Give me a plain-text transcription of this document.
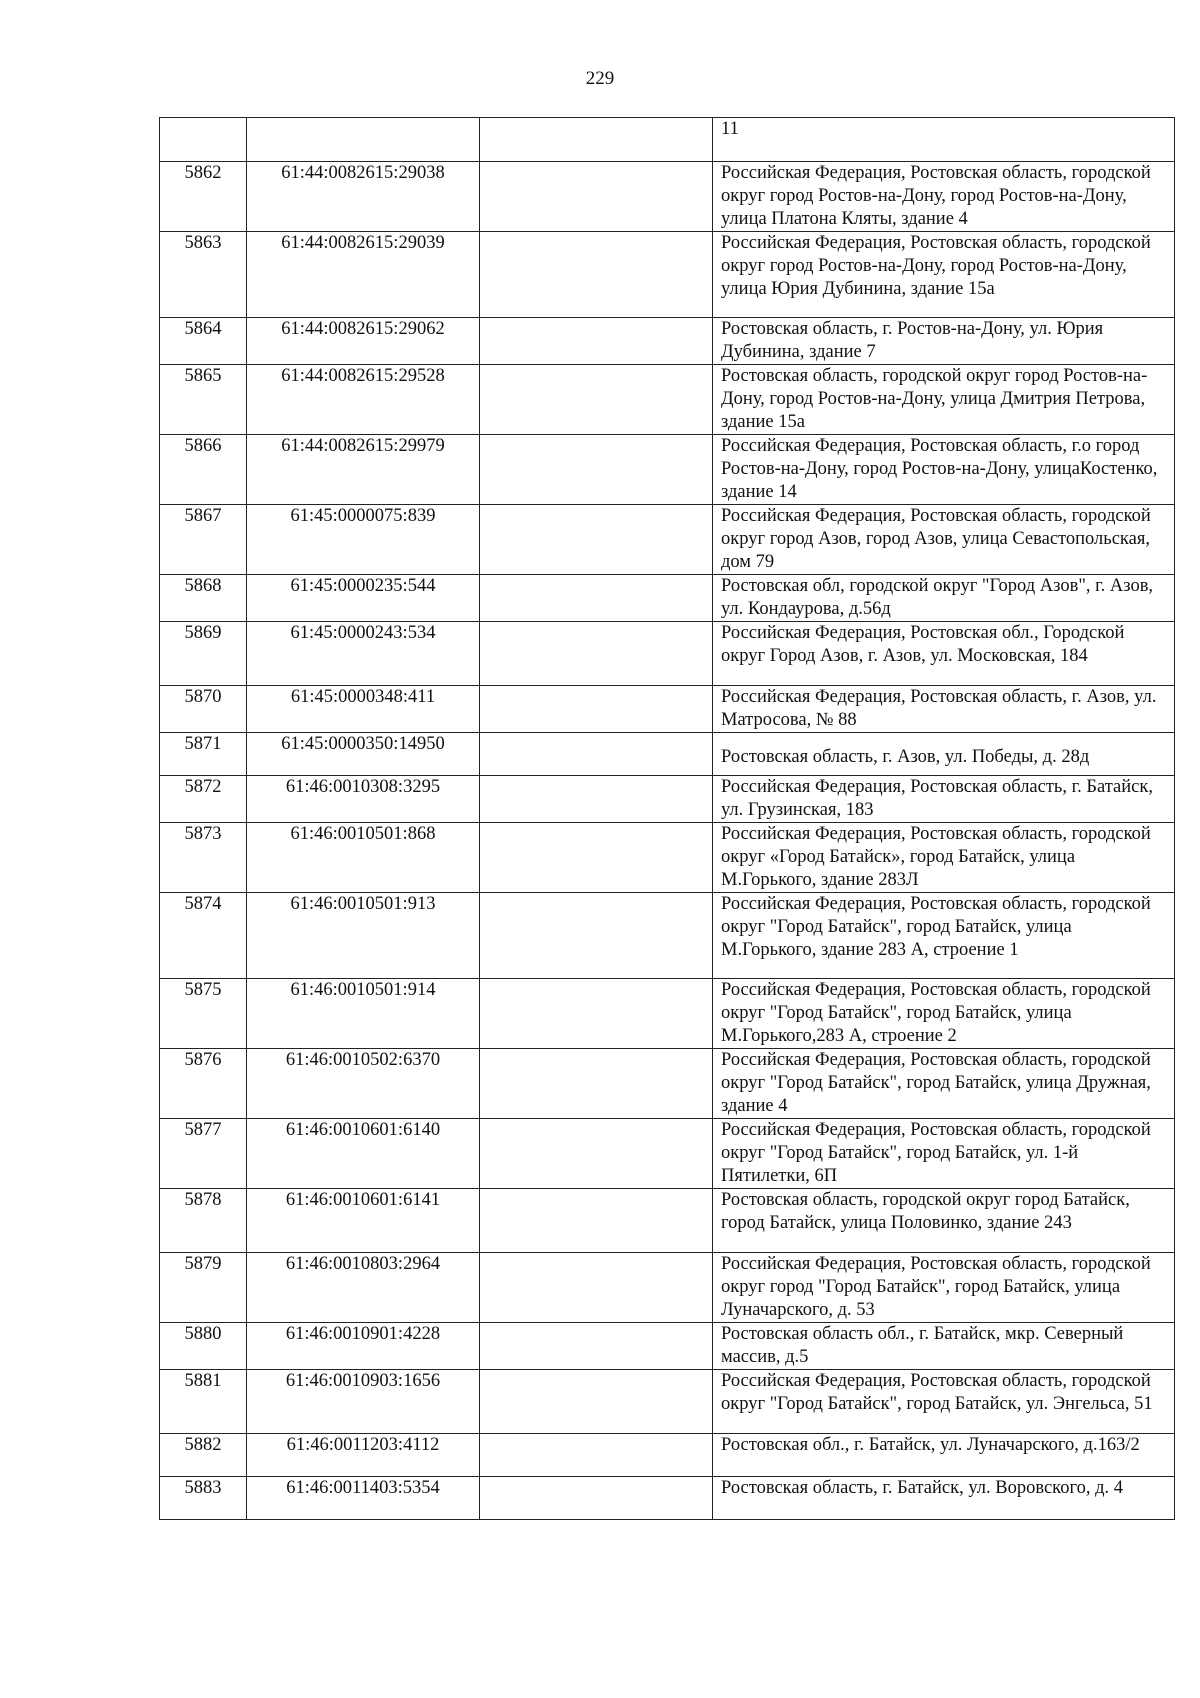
229
			11
5862	61:44:0082615:29038		Российская Федерация, Ростовская область, городской округ город Ростов-на-Дону, город Ростов-на-Дону, улица Платона Кляты, здание 4
5863	61:44:0082615:29039		Российская Федерация, Ростовская область, городской округ город Ростов-на-Дону, город Ростов-на-Дону, улица Юрия Дубинина, здание 15а
5864	61:44:0082615:29062		Ростовская область, г. Ростов-на-Дону, ул. Юрия Дубинина, здание 7
5865	61:44:0082615:29528		Ростовская область, городской округ город Ростов-на-Дону, город Ростов-на-Дону, улица Дмитрия Петрова, здание 15а
5866	61:44:0082615:29979		Российская Федерация, Ростовская область, г.о город Ростов-на-Дону, город Ростов-на-Дону, улицаКостенко, здание 14
5867	61:45:0000075:839		Российская Федерация, Ростовская область, городской округ город Азов, город Азов, улица Севастопольская, дом 79
5868	61:45:0000235:544		Ростовская обл, городской округ "Город Азов", г. Азов, ул. Кондаурова, д.56д
5869	61:45:0000243:534		Российская Федерация, Ростовская обл., Городской округ Город Азов, г. Азов, ул. Московская, 184
5870	61:45:0000348:411		Российская Федерация, Ростовская область, г. Азов, ул. Матросова, № 88
5871	61:45:0000350:14950		Ростовская область, г. Азов, ул. Победы, д. 28д
5872	61:46:0010308:3295		Российская Федерация, Ростовская область, г. Батайск, ул. Грузинская, 183
5873	61:46:0010501:868		Российская Федерация, Ростовская область, городской округ «Город Батайск», город Батайск, улица М.Горького, здание 283Л
5874	61:46:0010501:913		Российская Федерация, Ростовская область, городской округ "Город Батайск", город Батайск, улица М.Горького, здание 283 А, строение 1
5875	61:46:0010501:914		Российская Федерация, Ростовская область, городской округ "Город Батайск", город Батайск, улица М.Горького,283 А, строение 2
5876	61:46:0010502:6370		Российская Федерация, Ростовская область, городской округ "Город Батайск", город Батайск, улица Дружная, здание 4
5877	61:46:0010601:6140		Российская Федерация, Ростовская область, городской округ "Город Батайск", город Батайск, ул. 1-й Пятилетки, 6П
5878	61:46:0010601:6141		Ростовская область, городской округ город Батайск, город Батайск, улица Половинко, здание 243
5879	61:46:0010803:2964		Российская Федерация, Ростовская область, городской округ город "Город Батайск", город Батайск, улица Луначарского, д. 53
5880	61:46:0010901:4228		Ростовская область обл., г. Батайск, мкр. Северный массив, д.5
5881	61:46:0010903:1656		Российская Федерация, Ростовская область, городской округ "Город Батайск", город Батайск, ул. Энгельса, 51
5882	61:46:0011203:4112		Ростовская обл., г. Батайск, ул. Луначарского, д.163/2
5883	61:46:0011403:5354		Ростовская область, г. Батайск, ул. Воровского, д. 4
